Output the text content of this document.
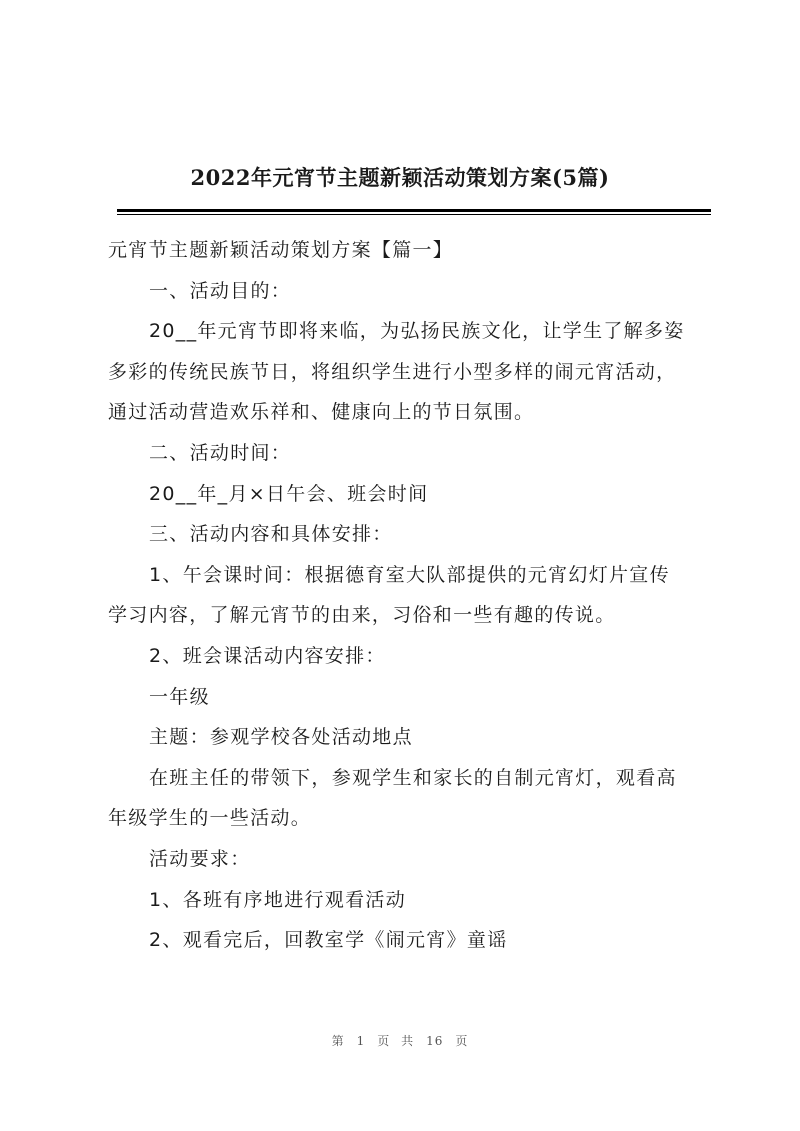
2022年元宵节主题新颖活动策划方案(5篇)

元宵节主题新颖活动策划方案【篇一】

一、活动目的：

20__年元宵节即将来临，为弘扬民族文化，让学生了解多姿

多彩的传统民族节日，将组织学生进行小型多样的闹元宵活动，

通过活动营造欢乐祥和、健康向上的节日氛围。

二、活动时间：

20__年_月×日午会、班会时间

三、活动内容和具体安排：

1、午会课时间：根据德育室大队部提供的元宵幻灯片宣传

学习内容，了解元宵节的由来，习俗和一些有趣的传说。

2、班会课活动内容安排：

一年级

主题：参观学校各处活动地点

在班主任的带领下，参观学生和家长的自制元宵灯，观看高

年级学生的一些活动。

活动要求：

1、各班有序地进行观看活动

2、观看完后，回教室学《闹元宵》童谣

第 1 页 共 16 页
